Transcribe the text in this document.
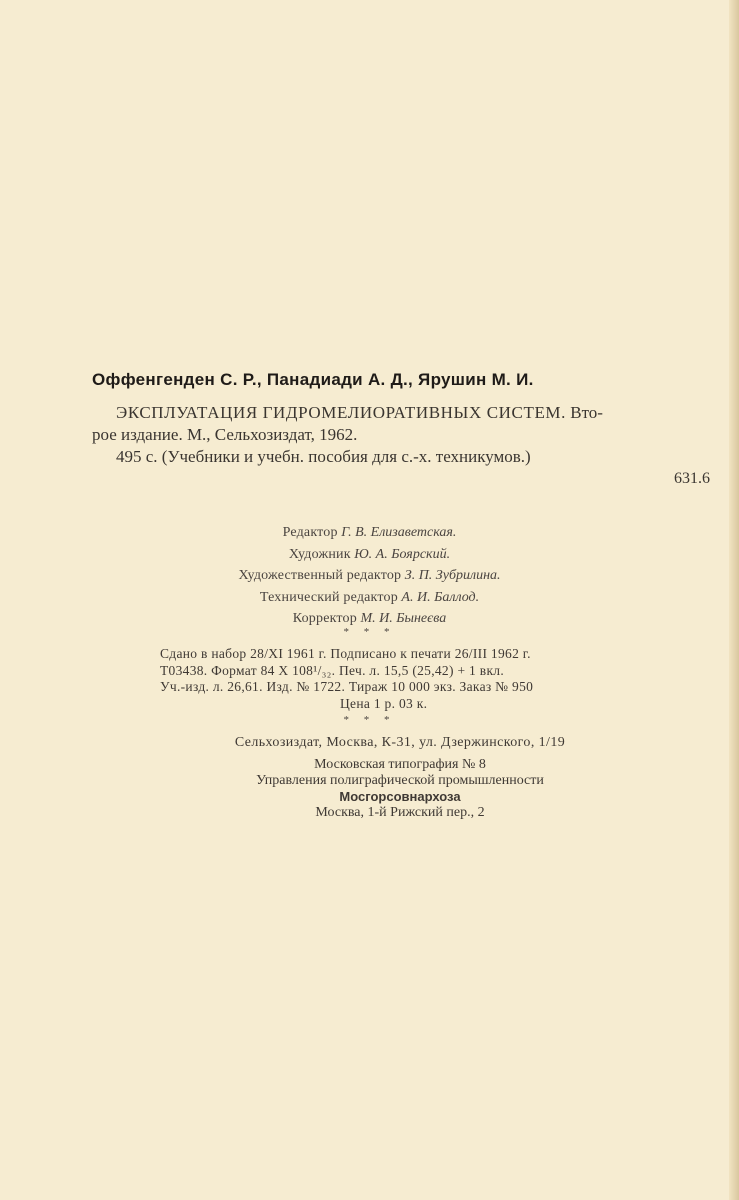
Оффенгенден С. Р., Панадиади А. Д., Ярушин М. И.
ЭКСПЛУАТАЦИЯ ГИДРОМЕЛИОРАТИВНЫХ СИСТЕМ. Вто-
рое издание. М., Сельхозиздат, 1962.
495 с. (Учебники и учебн. пособия для с.-х. техникумов.)
631.6
Редактор Г. В. Елизаветская.
Художник Ю. А. Боярский.
Художественный редактор З. П. Зубрилина.
Технический редактор А. И. Баллод.
Корректор М. И. Бынеєва
* * *
Сдано в набор 28/XI 1961 г. Подписано к печати 26/III 1962 г.
Т03438. Формат 84 X 108¹/₃₂. Печ. л. 15,5 (25,42) + 1 вкл.
Уч.-изд. л. 26,61. Изд. № 1722. Тираж 10 000 экз. Заказ № 950
Цена 1 р. 03 к.
* * *
Сельхозиздат, Москва, К-31, ул. Дзержинского, 1/19
Московская типография № 8
Управления полиграфической промышленности
Мосгорсовнархоза
Москва, 1-й Рижский пер., 2
